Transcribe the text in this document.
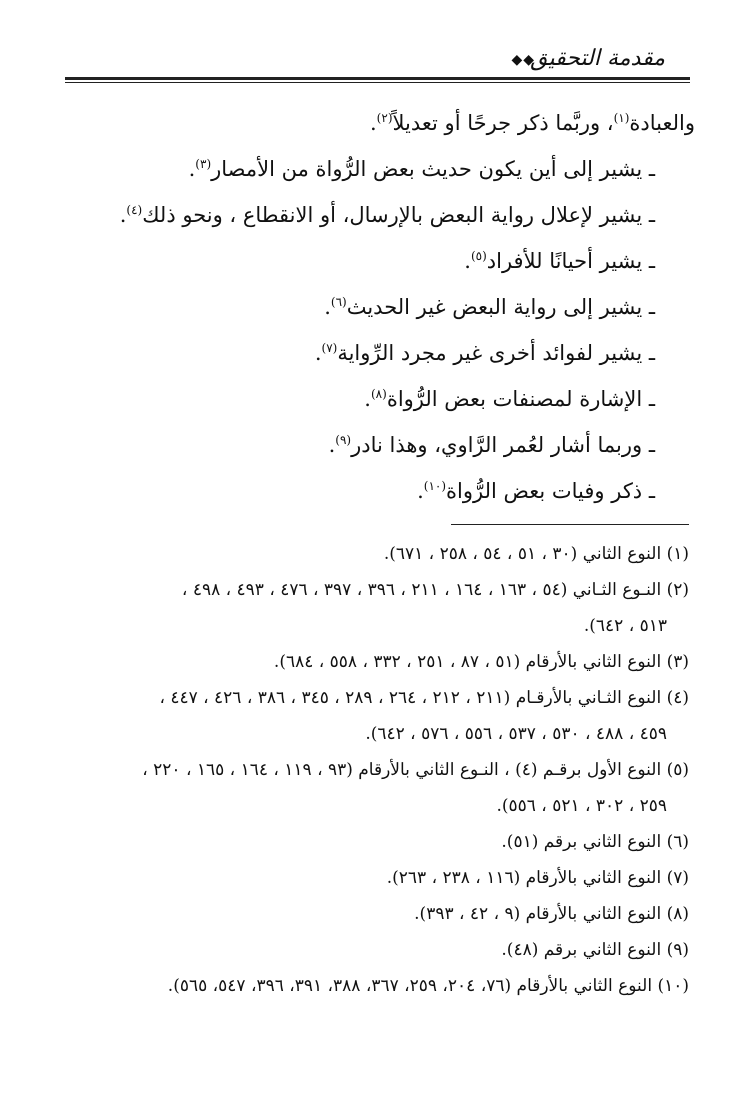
مقدمة التحقيق
◆◆
والعبادة$^{(١)}$، وربَّما ذكر جرحًا أو تعديلاً$^{(٢)}$.
ـ يشير إلى أين يكون حديث بعض الرُّواة من الأمصار$^{(٣)}$.
ـ يشير لإعلال رواية البعض بالإرسال، أو الانقطاع ، ونحو ذلك$^{(٤)}$.
ـ يشير أحيانًا للأفراد$^{(٥)}$.
ـ يشير إلى رواية البعض غير الحديث$^{(٦)}$.
ـ يشير لفوائد أخرى غير مجرد الرِّواية$^{(٧)}$.
ـ الإشارة لمصنفات بعض الرُّواة$^{(٨)}$.
ـ وربما أشار لعُمر الرَّاوي، وهذا نادر$^{(٩)}$.
ـ ذكر وفيات بعض الرُّواة$^{(١٠)}$.
(١) النوع الثاني (٣٠ ، ٥١ ، ٥٤ ، ٢٥٨ ، ٦٧١).
(٢) النـوع الثـاني (٥٤ ، ١٦٣ ، ١٦٤ ، ٢١١ ، ٣٩٦ ، ٣٩٧ ، ٤٧٦ ، ٤٩٣ ، ٤٩٨ ،
٥١٣ ، ٦٤٢).
(٣) النوع الثاني بالأرقام (٥١ ، ٨٧ ، ٢٥١ ، ٣٣٢ ، ٥٥٨ ، ٦٨٤).
(٤) النوع الثـاني بالأرقـام (٢١١ ، ٢١٢ ، ٢٦٤ ، ٢٨٩ ، ٣٤٥ ، ٣٨٦ ، ٤٢٦ ، ٤٤٧ ،
٤٥٩ ، ٤٨٨ ، ٥٣٠ ، ٥٣٧ ، ٥٥٦ ، ٥٧٦ ، ٦٤٢).
(٥) النوع الأول برقـم (٤) ، النـوع الثاني بالأرقام (٩٣ ، ١١٩ ، ١٦٤ ، ١٦٥ ، ٢٢٠ ،
٢٥٩ ، ٣٠٢ ، ٥٢١ ، ٥٥٦).
(٦) النوع الثاني برقم (٥١).
(٧) النوع الثاني بالأرقام (١١٦ ، ٢٣٨ ، ٢٦٣).
(٨) النوع الثاني بالأرقام (٩ ، ٤٢ ، ٣٩٣).
(٩) النوع الثاني برقم (٤٨).
(١٠) النوع الثاني بالأرقام (٧٦، ٢٠٤، ٢٥٩، ٣٦٧، ٣٨٨، ٣٩١، ٣٩٦، ٥٤٧، ٥٦٥).
